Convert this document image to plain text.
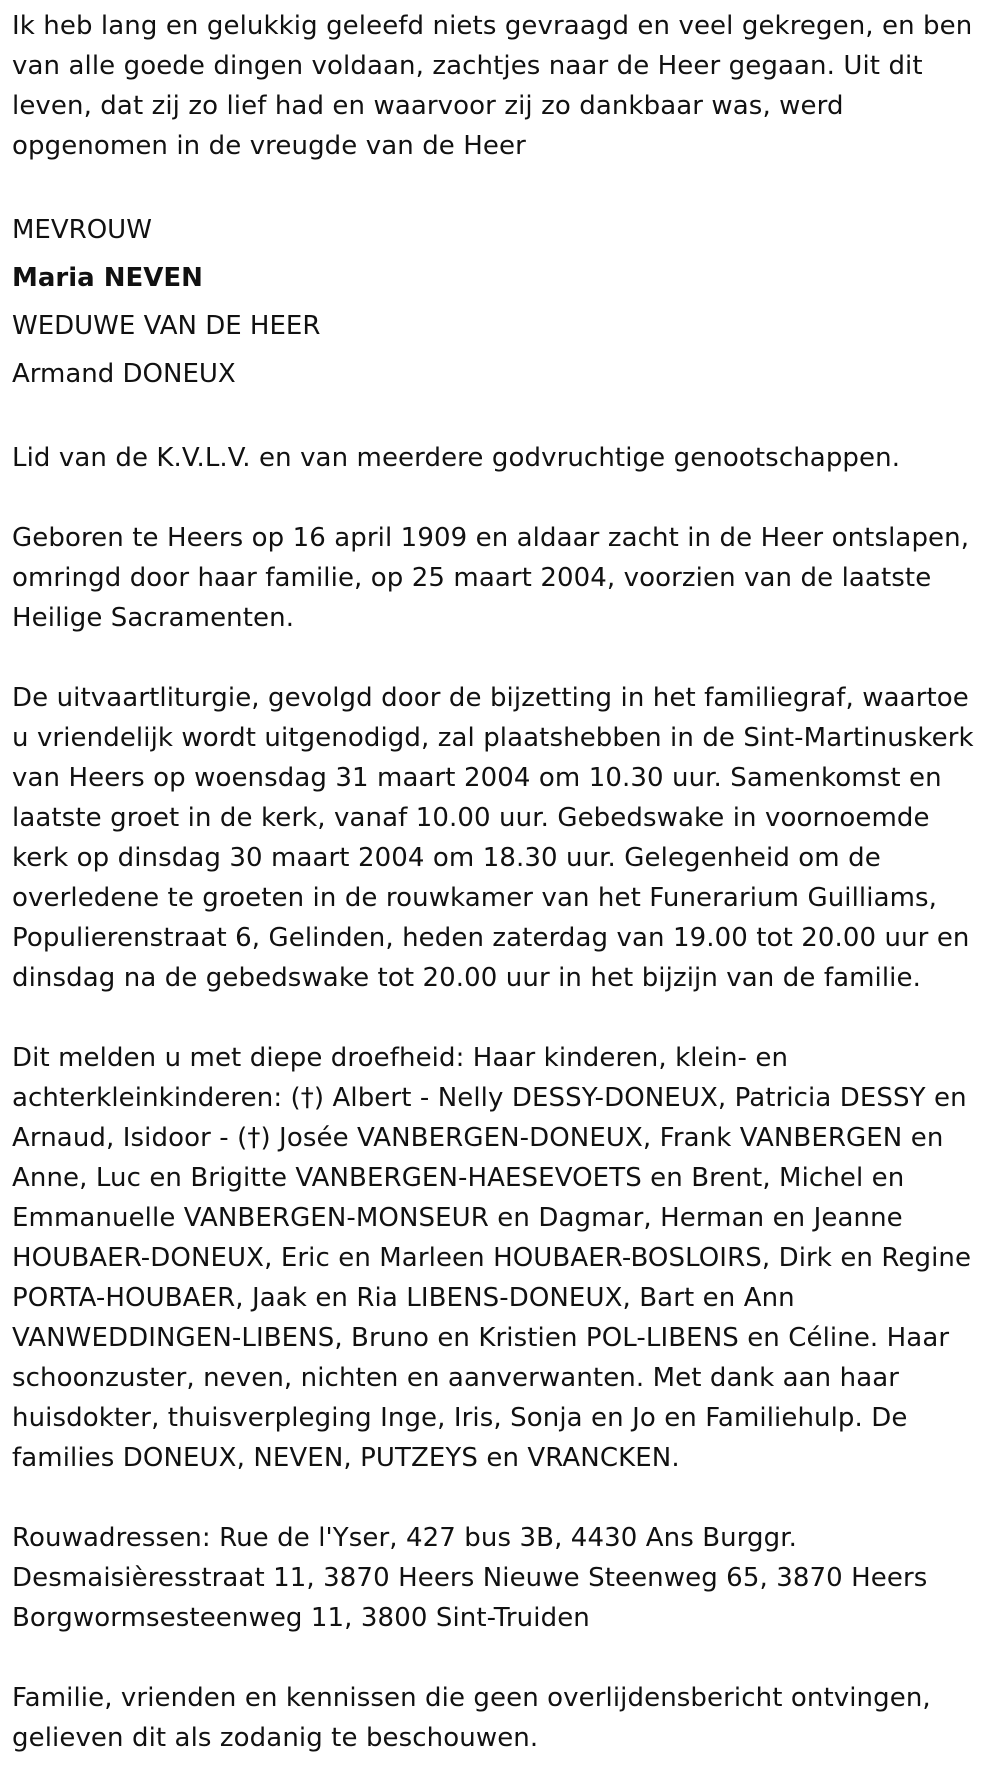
Ik heb lang en gelukkig geleefd niets gevraagd en veel gekregen, en ben van alle goede dingen voldaan, zachtjes naar de Heer gegaan. Uit dit leven, dat zij zo lief had en waarvoor zij zo dankbaar was, werd opgenomen in de vreugde van de Heer

MEVROUW

Maria NEVEN

WEDUWE VAN DE HEER

Armand DONEUX

Lid van de K.V.L.V. en van meerdere godvruchtige genootschappen.

Geboren te Heers op 16 april 1909 en aldaar zacht in de Heer ontslapen, omringd door haar familie, op 25 maart 2004, voorzien van de laatste Heilige Sacramenten.

De uitvaartliturgie, gevolgd door de bijzetting in het familiegraf, waartoe u vriendelijk wordt uitgenodigd, zal plaatshebben in de Sint-Martinuskerk van Heers op woensdag 31 maart 2004 om 10.30 uur. Samenkomst en laatste groet in de kerk, vanaf 10.00 uur. Gebedswake in voornoemde kerk op dinsdag 30 maart 2004 om 18.30 uur. Gelegenheid om de overledene te groeten in de rouwkamer van het Funerarium Guilliams, Populierenstraat 6, Gelinden, heden zaterdag van 19.00 tot 20.00 uur en dinsdag na de gebedswake tot 20.00 uur in het bijzijn van de familie.

Dit melden u met diepe droefheid: Haar kinderen, klein- en achterkleinkinderen: (†) Albert - Nelly DESSY-DONEUX, Patricia DESSY en Arnaud, Isidoor - (†) Josée VANBERGEN-DONEUX, Frank VANBERGEN en Anne, Luc en Brigitte VANBERGEN-HAESEVOETS en Brent, Michel en Emmanuelle VANBERGEN-MONSEUR en Dagmar, Herman en Jeanne HOUBAER-DONEUX, Eric en Marleen HOUBAER-BOSLOIRS, Dirk en Regine PORTA-HOUBAER, Jaak en Ria LIBENS-DONEUX, Bart en Ann VANWEDDINGEN-LIBENS, Bruno en Kristien POL-LIBENS en Céline. Haar schoonzuster, neven, nichten en aanverwanten. Met dank aan haar huisdokter, thuisverpleging Inge, Iris, Sonja en Jo en Familiehulp. De families DONEUX, NEVEN, PUTZEYS en VRANCKEN.

Rouwadressen: Rue de l'Yser, 427 bus 3B, 4430 Ans Burggr. Desmaisièresstraat 11, 3870 Heers Nieuwe Steenweg 65, 3870 Heers Borgwormsesteenweg 11, 3800 Sint-Truiden

Familie, vrienden en kennissen die geen overlijdensbericht ontvingen, gelieven dit als zodanig te beschouwen.
